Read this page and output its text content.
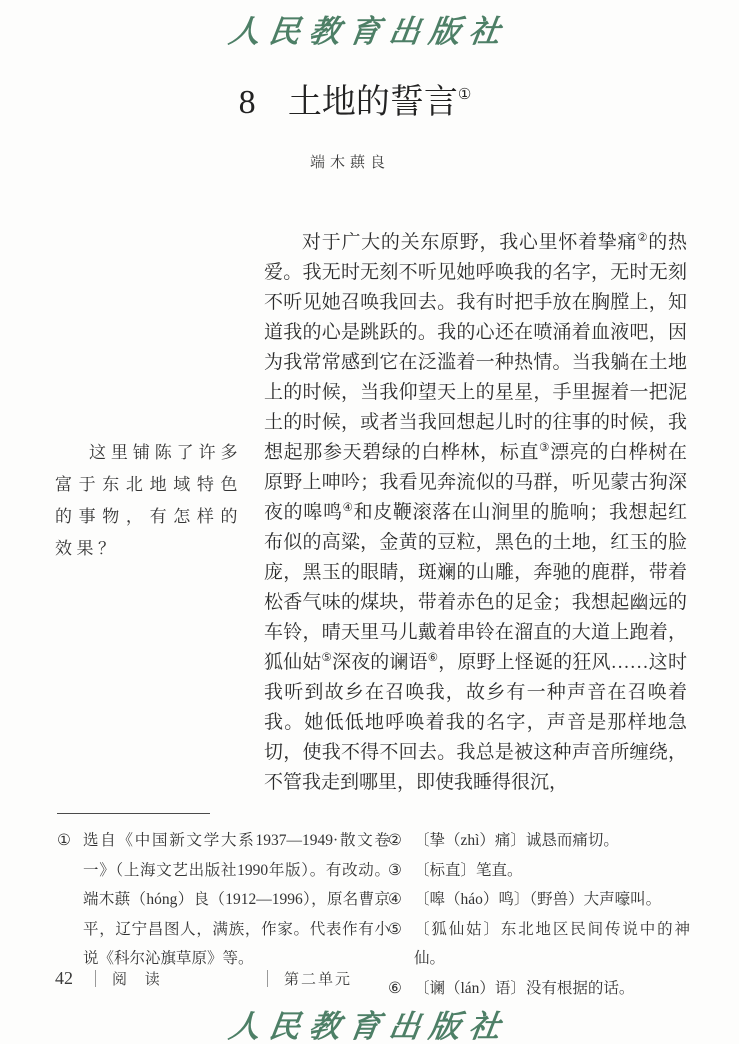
人民教育出版社
8 土地的誓言①
端木蕻良
这里铺陈了许多富于东北地域特色的事物，有怎样的效果？
对于广大的关东原野，我心里怀着挚痛②的热爱。我无时无刻不听见她呼唤我的名字，无时无刻不听见她召唤我回去。我有时把手放在胸膛上，知道我的心是跳跃的。我的心还在喷涌着血液吧，因为我常常感到它在泛滥着一种热情。当我躺在土地上的时候，当我仰望天上的星星，手里握着一把泥土的时候，或者当我回想起儿时的往事的时候，我想起那参天碧绿的白桦林，标直③漂亮的白桦树在原野上呻吟；我看见奔流似的马群，听见蒙古狗深夜的嗥鸣④和皮鞭滚落在山涧里的脆响；我想起红布似的高粱，金黄的豆粒，黑色的土地，红玉的脸庞，黑玉的眼睛，斑斓的山雕，奔驰的鹿群，带着松香气味的煤块，带着赤色的足金；我想起幽远的车铃，晴天里马儿戴着串铃在溜直的大道上跑着，狐仙姑⑤深夜的谰语⑥，原野上怪诞的狂风……这时我听到故乡在召唤我，故乡有一种声音在召唤着我。她低低地呼唤着我的名字，声音是那样地急切，使我不得不回去。我总是被这种声音所缠绕，不管我走到哪里，即使我睡得很沉，
① 选自《中国新文学大系1937—1949·散文卷一》（上海文艺出版社1990年版）。有改动。端木蕻（hóng）良（1912—1996），原名曹京平，辽宁昌图人，满族，作家。代表作有小说《科尔沁旗草原》等。
② 〔挚（zhì）痛〕诚恳而痛切。
③ 〔标直〕笔直。
④ 〔嗥（háo）鸣〕（野兽）大声嚎叫。
⑤ 〔狐仙姑〕东北地区民间传说中的神仙。
⑥ 〔谰（lán）语〕没有根据的话。
42	阅 读	第二单元
人民教育出版社
